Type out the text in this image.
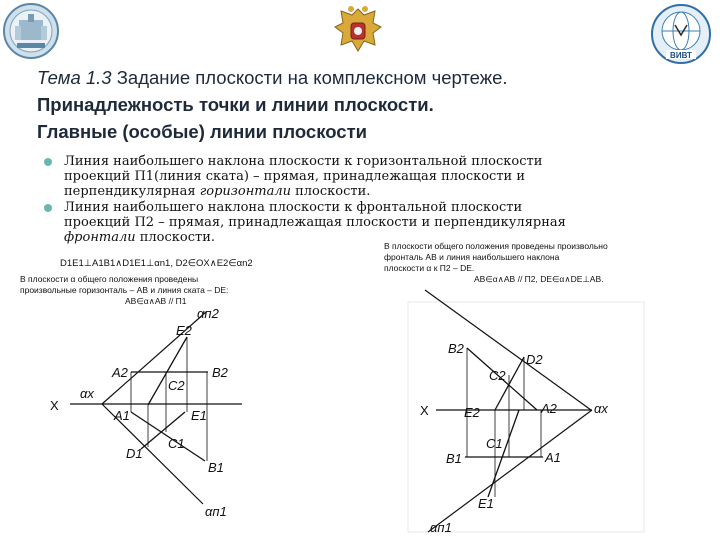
ВИВТ
Тема 1.3 Задание плоскости на комплексном чертеже.
Принадлежность точки и линии плоскости.
Главные (особые) линии плоскости
Линия наибольшего наклона плоскости к горизонтальной плоскости
проекций П1(линия ската) – прямая, принадлежащая плоскости и
перпендикулярная горизонтали плоскости.
Линия наибольшего наклона плоскости к фронтальной плоскости
проекций П2 – прямая, принадлежащая плоскости и перпендикулярная
фронтали плоскости.
D1E1⊥A1B1∧D1E1⊥αn1, D2∈OX∧E2∈αn2
В плоскости α общего положения проведены
произвольные горизонталь – АВ и линия ската – DE:
АВ∈α∧АВ // П1
В плоскости общего положения проведены произвольно
фронталь АВ и линия наибольшего наклона
плоскости α к П2 – DE.
АВ∈α∧АВ // П2, DE∈α∧DE⊥AB.
αп2
E2
A2	B2
C2
X
αx
A1	E1
C1
D1
B1
αп1
B2
D2
C2
X	E2	A2	αx
C1
B1	A1
E1
αп1
